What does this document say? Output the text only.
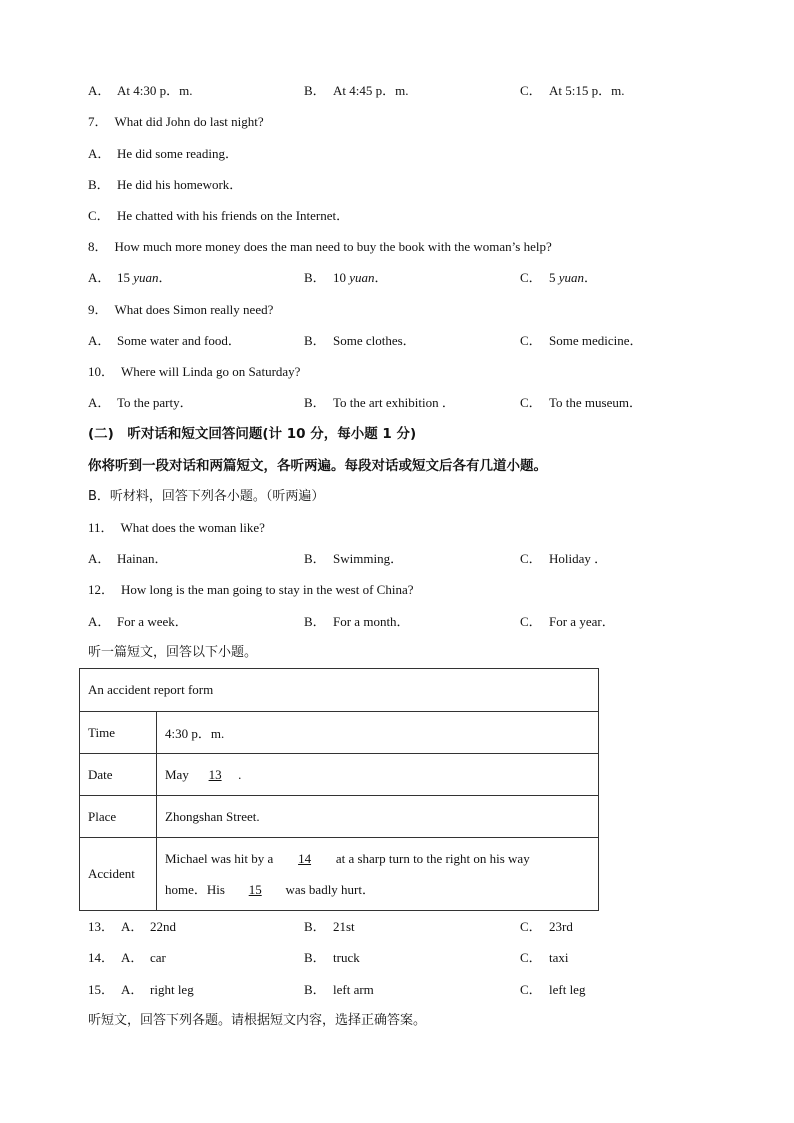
A． At 4:30 p．m.	B． At 4:45 p．m.	C． At 5:15 p．m.
7． What did John do last night?
A． He did some reading．
B． He did his homework．
C． He chatted with his friends on the Internet．
8． How much more money does the man need to buy the book with the woman’s help?
A． 15 yuan．	B． 10 yuan．	C． 5 yuan．
9． What does Simon really need?
A． Some water and food．	B． Some clothes．	C． Some medicine．
10． Where will Linda go on Saturday?
A． To the party．	B． To the art exhibition ．	C． To the museum．
(二)　听对话和短文回答问题(计 10 分，每小题 1 分)
你将听到一段对话和两篇短文，各听两遍。每段对话或短文后各有几道小题。
B．听材料，回答下列各小题。（听两遍）
11． What does the woman like?
A． Hainan．	B． Swimming．	C． Holiday ．
12． How long is the man going to stay in the west of China?
A． For a week．	B． For a month．	C． For a year．
听一篇短文，回答以下小题。
An accident report form	
Time	4:30 p．m.
Date	May 13 .
Place	Zhongshan Street.
Accident	Michael was hit by a 14 at a sharp turn to the right on his way
home．His 15 was badly hurt．
13． A． 22nd	B． 21st	C． 23rd
14． A． car	B． truck	C． taxi
15． A． right leg	B． left arm	C． left leg
听短文，回答下列各题。请根据短文内容，选择正确答案。
